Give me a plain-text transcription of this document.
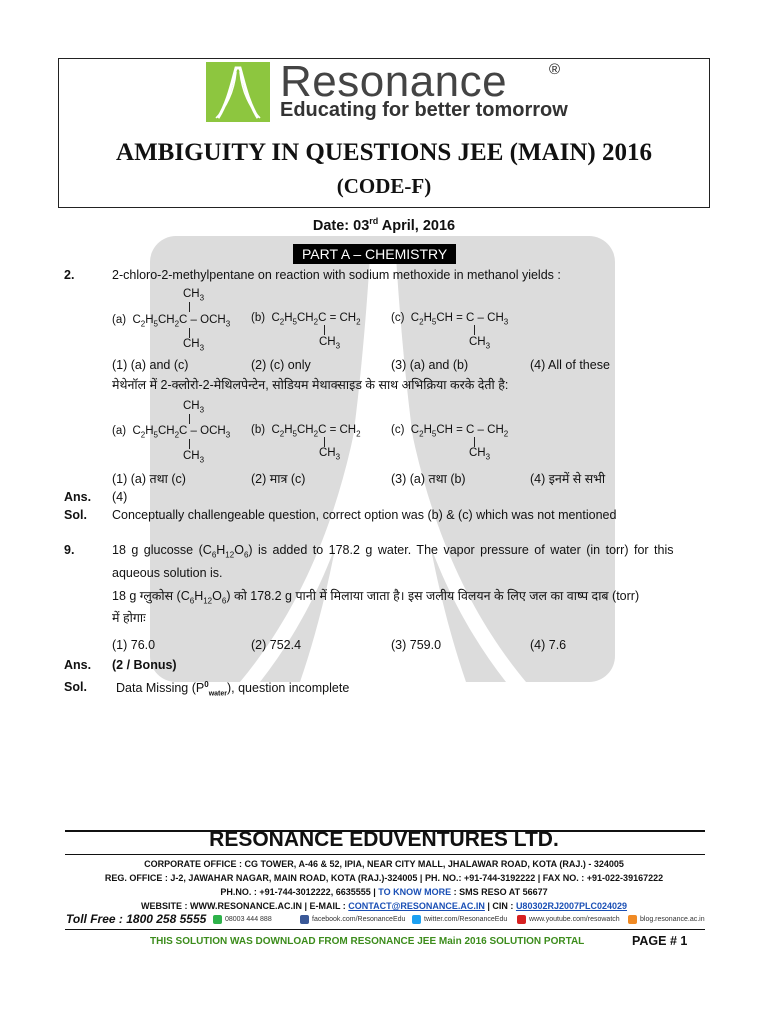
Resonance	®
Educating for better tomorrow
AMBIGUITY IN QUESTIONS JEE (MAIN) 2016
(CODE-F)
Date: 03rd April, 2016
PART A – CHEMISTRY
2.	2-chloro-2-methylpentane on reaction with sodium methoxide in methanol yields :
$CH_3$
(a)  $C_2H_5CH_2C - OCH_3$
$CH_3$
(b)  $C_2H_5CH_2C = CH_2$
$CH_3$
(c)  $C_2H_5CH = C - CH_3$
$CH_3$
(1) (a) and (c)	(2) (c) only	(3) (a) and (b)	(4) All of these
मेथेनॉल में 2-क्लोरो-2-मेथिलपेन्टेन, सोडियम मेथाक्साइड के साथ अभिक्रिया करके देती है:
$CH_3$
(a)  $C_2H_5CH_2C - OCH_3$
$CH_3$
(b)  $C_2H_5CH_2C = CH_2$
$CH_3$
(c)  $C_2H_5CH = C - CH_2$
$CH_3$
(1) (a) तथा (c)	(2) मात्र (c)	(3) (a) तथा (b)	(4) इनमें से सभी
Ans. (4)
Sol. Conceptually challengeable question, correct option was (b) & (c) which was not mentioned
9.	18 g glucosse $(C_6H_{12}O_6)$ is added to 178.2 g water. The vapor pressure of water (in torr) for this
aqueous solution is.
18 g ग्लुकोस $(C_6H_{12}O_6)$ को 178.2 g पानी में मिलाया जाता है। इस जलीय विलयन के लिए जल का वाष्प दाब (torr)
में होगाः
(1) 76.0	(2) 752.4	(3) 759.0	(4) 7.6
Ans. (2 / Bonus)
Sol. Data Missing $(P^0_{water})$, question incomplete
RESONANCE EDUVENTURES LTD.
CORPORATE OFFICE : CG TOWER, A-46 & 52, IPIA, NEAR CITY MALL, JHALAWAR ROAD, KOTA (RAJ.) - 324005
REG. OFFICE : J-2, JAWAHAR NAGAR, MAIN ROAD, KOTA (RAJ.)-324005 | PH. NO.: +91-744-3192222 | FAX NO. : +91-022-39167222
PH.NO. : +91-744-3012222, 6635555 | TO KNOW MORE : SMS RESO AT 56677
WEBSITE : WWW.RESONANCE.AC.IN | E-MAIL : CONTACT@RESONANCE.AC.IN | CIN : U80302RJ2007PLC024029
Toll Free : 1800 258 5555	08003 444 888	facebook.com/ResonanceEdu	twitter.com/ResonanceEdu	www.youtube.com/resowatch	blog.resonance.ac.in
THIS SOLUTION WAS DOWNLOAD FROM RESONANCE JEE Main 2016 SOLUTION PORTAL	PAGE # 1
